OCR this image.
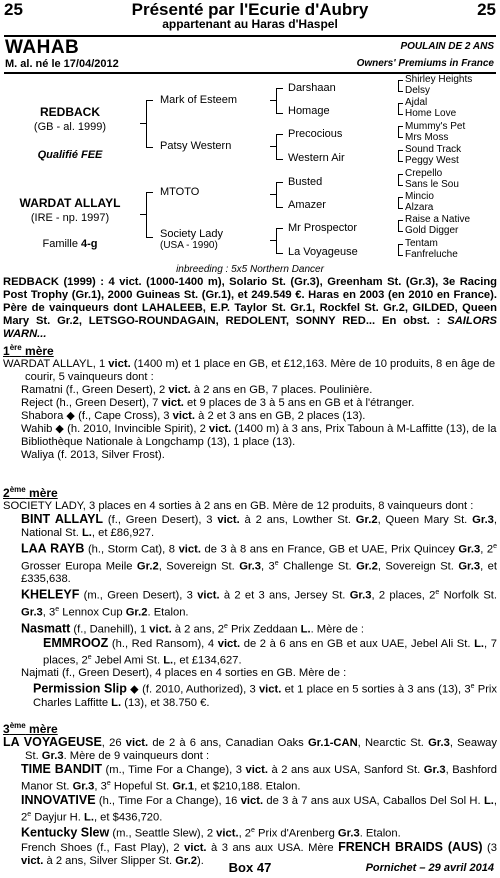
25	Présenté par l'Ecurie d'Aubry	25
appartenant au Haras d'Haspel
WAHAB	POULAIN DE 2 ANS
M. al. né le 17/04/2012	Owners' Premiums in France
REDBACK
(GB - al. 1999)
Qualifié FEE
WARDAT ALLAYL
(IRE - np. 1997)
Famille 4-g
Mark of Esteem
Patsy Western
MTOTO
Society Lady
(USA - 1990)
Darshaan
Homage
Precocious
Western Air
Busted
Amazer
Mr Prospector
La Voyageuse
Shirley Heights
Delsy
Ajdal
Home Love
Mummy's Pet
Mrs Moss
Sound Track
Peggy West
Crepello
Sans le Sou
Mincio
Alzara
Raise a Native
Gold Digger
Tentam
Fanfreluche
inbreeding : 5x5 Northern Dancer
REDBACK (1999) : 4 vict. (1000-1400 m), Solario St. (Gr.3), Greenham St. (Gr.3), 3e Racing Post Trophy (Gr.1), 2000 Guineas St. (Gr.1), et 249.549 €. Haras en 2003 (en 2010 en France). Père de vainqueurs dont LAHALEEB, E.P. Taylor St. Gr.1, Rockfel St. Gr.2, GILDED, Queen Mary St. Gr.2, LETSGO-ROUNDAGAIN, REDOLENT, SONNY RED... En obst. : SAILORS WARN...
1ère mère
WARDAT ALLAYL, 1 vict. (1400 m) et 1 place en GB, et £12,163. Mère de 10 produits, 8 en âge de courir, 5 vainqueurs dont :
Ramatni (f., Green Desert), 2 vict. à 2 ans en GB, 7 places. Poulinière.
Reject (h., Green Desert), 7 vict. et 9 places de 3 à 5 ans en GB et à l'étranger.
Shabora ◆ (f., Cape Cross), 3 vict. à 2 et 3 ans en GB, 2 places (13).
Wahib ◆ (h. 2010, Invincible Spirit), 2 vict. (1400 m) à 3 ans, Prix Taboun à M-Laffitte (13), de la Bibliothèque Nationale à Longchamp (13), 1 place (13).
Waliya (f. 2013, Silver Frost).
2ème mère
SOCIETY LADY, 3 places en 4 sorties à 2 ans en GB. Mère de 12 produits, 8 vainqueurs dont :
BINT ALLAYL (f., Green Desert), 3 vict. à 2 ans, Lowther St. Gr.2, Queen Mary St. Gr.3, National St. L., et £86,927.
LAA RAYB (h., Storm Cat), 8 vict. de 3 à 8 ans en France, GB et UAE, Prix Quincey Gr.3, 2e Grosser Europa Meile Gr.2, Sovereign St. Gr.3, 3e Challenge St. Gr.2, Sovereign St. Gr.3, et £335,638.
KHELEYF (m., Green Desert), 3 vict. à 2 et 3 ans, Jersey St. Gr.3, 2 places, 2e Norfolk St. Gr.3, 3e Lennox Cup Gr.2. Etalon.
Nasmatt (f., Danehill), 1 vict. à 2 ans, 2e Prix Zeddaan L.. Mère de :
EMMROOZ (h., Red Ransom), 4 vict. de 2 à 6 ans en GB et aux UAE, Jebel Ali St. L., 7 places, 2e Jebel Ami St. L., et £134,627.
Najmati (f., Green Desert), 4 places en 4 sorties en GB. Mère de :
Permission Slip ◆ (f. 2010, Authorized), 3 vict. et 1 place en 5 sorties à 3 ans (13), 3e Prix Charles Laffitte L. (13), et 38.750 €.
3ème mère
LA VOYAGEUSE, 26 vict. de 2 à 6 ans, Canadian Oaks Gr.1-CAN, Nearctic St. Gr.3, Seaway St. Gr.3. Mère de 9 vainqueurs dont :
TIME BANDIT (m., Time For a Change), 3 vict. à 2 ans aux USA, Sanford St. Gr.3, Bashford Manor St. Gr.3, 3e Hopeful St. Gr.1, et $210,188. Etalon.
INNOVATIVE (h., Time For a Change), 16 vict. de 3 à 7 ans aux USA, Caballos Del Sol H. L., 2e Dayjur H. L., et $436,720.
Kentucky Slew (m., Seattle Slew), 2 vict., 2e Prix d'Arenberg Gr.3. Etalon.
French Shoes (f., Fast Play), 2 vict. à 3 ans aux USA. Mère FRENCH BRAIDS (AUS) (3 vict. à 2 ans, Silver Slipper St. Gr.2).	Box 47	Pornichet – 29 avril 2014
